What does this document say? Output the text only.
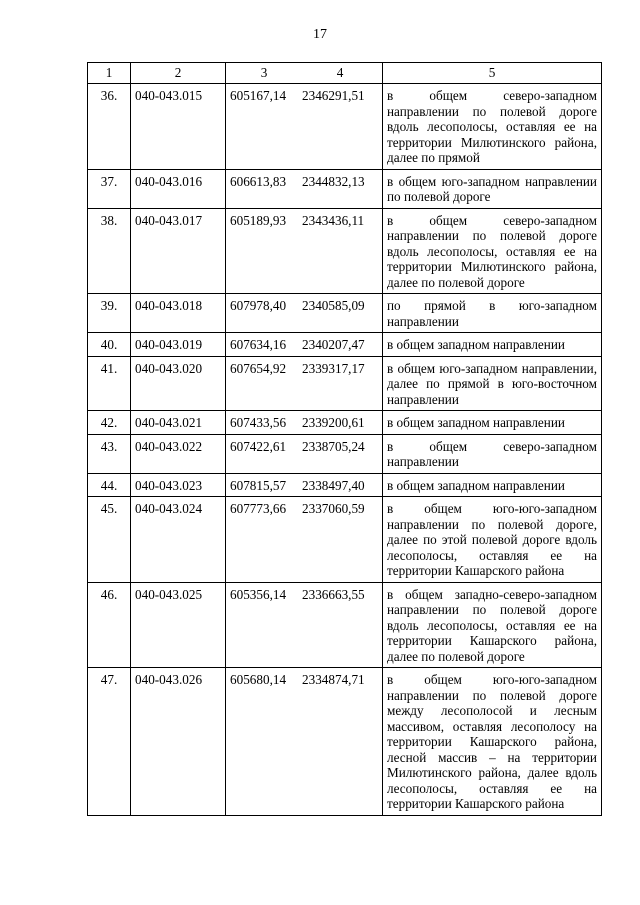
17
1	2	3	4	5
36.	040-043.015	605167,14	2346291,51	в общем северо-западном направлении по полевой дороге вдоль лесополосы, оставляя ее на территории Милютинского района, далее по прямой
37.	040-043.016	606613,83	2344832,13	в общем юго-западном направлении по полевой дороге
38.	040-043.017	605189,93	2343436,11	в общем северо-западном направлении по полевой дороге вдоль лесополосы, оставляя ее на территории Милютинского района, далее по полевой дороге
39.	040-043.018	607978,40	2340585,09	по прямой в юго-западном направлении
40.	040-043.019	607634,16	2340207,47	в общем западном направлении
41.	040-043.020	607654,92	2339317,17	в общем юго-западном направлении, далее по прямой в юго-восточном направлении
42.	040-043.021	607433,56	2339200,61	в общем западном направлении
43.	040-043.022	607422,61	2338705,24	в общем северо-западном направлении
44.	040-043.023	607815,57	2338497,40	в общем западном направлении
45.	040-043.024	607773,66	2337060,59	в общем юго-юго-западном направлении по полевой дороге, далее по этой полевой дороге вдоль лесополосы, оставляя ее на территории Кашарского района
46.	040-043.025	605356,14	2336663,55	в общем западно-северо-западном направлении по полевой дороге вдоль лесополосы, оставляя ее на территории Кашарского района, далее по полевой дороге
47.	040-043.026	605680,14	2334874,71	в общем юго-юго-западном направлении по полевой дороге между лесополосой и лесным массивом, оставляя лесополосу на территории Кашарского района, лесной массив – на территории Милютинского района, далее вдоль лесополосы, оставляя ее на территории Кашарского района
